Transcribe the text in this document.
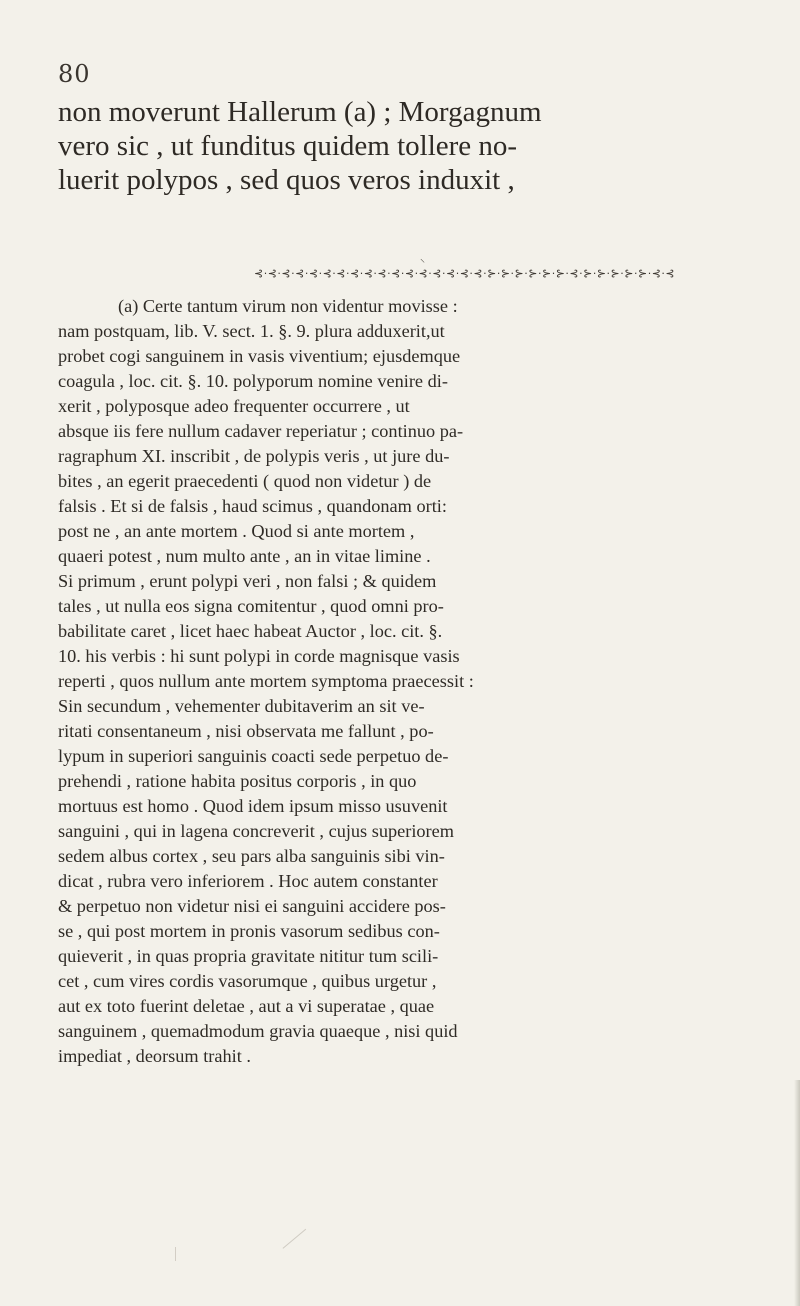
80
non moverunt Hallerum (a) ; Morgagnum
vero sic , ut funditus quidem tollere no-
luerit polypos , sed quos veros induxit ,
⸌
⊰·⊰·⊰·⊰·⊰·⊰·⊰·⊰·⊰·⊰·⊰·⊰·⊰·⊰·⊰·⊰·⊰·⊱·⊱·⊱·⊱·⊱·⊱·⊰·⊱·⊱·⊱·⊱·⊱·⊰·⊰
(a) Certe tantum virum non videntur movisse :
nam postquam, lib. V. sect. 1. §. 9. plura adduxerit,ut
probet cogi sanguinem in vasis viventium; ejusdemque
coagula , loc. cit. §. 10. polyporum nomine venire di-
xerit , polyposque adeo frequenter occurrere , ut
absque iis fere nullum cadaver reperiatur ; continuo pa-
ragraphum XI. inscribit , de polypis veris , ut jure du-
bites , an egerit praecedenti ( quod non videtur ) de
falsis . Et si de falsis , haud scimus , quandonam orti:
post ne , an ante mortem . Quod si ante mortem ,
quaeri potest , num multo ante , an in vitae limine .
Si primum , erunt polypi veri , non falsi ; & quidem
tales , ut nulla eos signa comitentur , quod omni pro-
babilitate caret , licet haec habeat Auctor , loc. cit. §.
10. his verbis : hi sunt polypi in corde magnisque vasis
reperti , quos nullum ante mortem symptoma praecessit :
Sin secundum , vehementer dubitaverim an sit ve-
ritati consentaneum , nisi observata me fallunt , po-
lypum in superiori sanguinis coacti sede perpetuo de-
prehendi , ratione habita positus corporis , in quo
mortuus est homo . Quod idem ipsum misso usuvenit
sanguini , qui in lagena concreverit , cujus superiorem
sedem albus cortex , seu pars alba sanguinis sibi vin-
dicat , rubra vero inferiorem . Hoc autem constanter
& perpetuo non videtur nisi ei sanguini accidere pos-
se , qui post mortem in pronis vasorum sedibus con-
quieverit , in quas propria gravitate nititur tum scili-
cet , cum vires cordis vasorumque , quibus urgetur ,
aut ex toto fuerint deletae , aut a vi superatae , quae
sanguinem , quemadmodum gravia quaeque , nisi quid
impediat , deorsum trahit .
